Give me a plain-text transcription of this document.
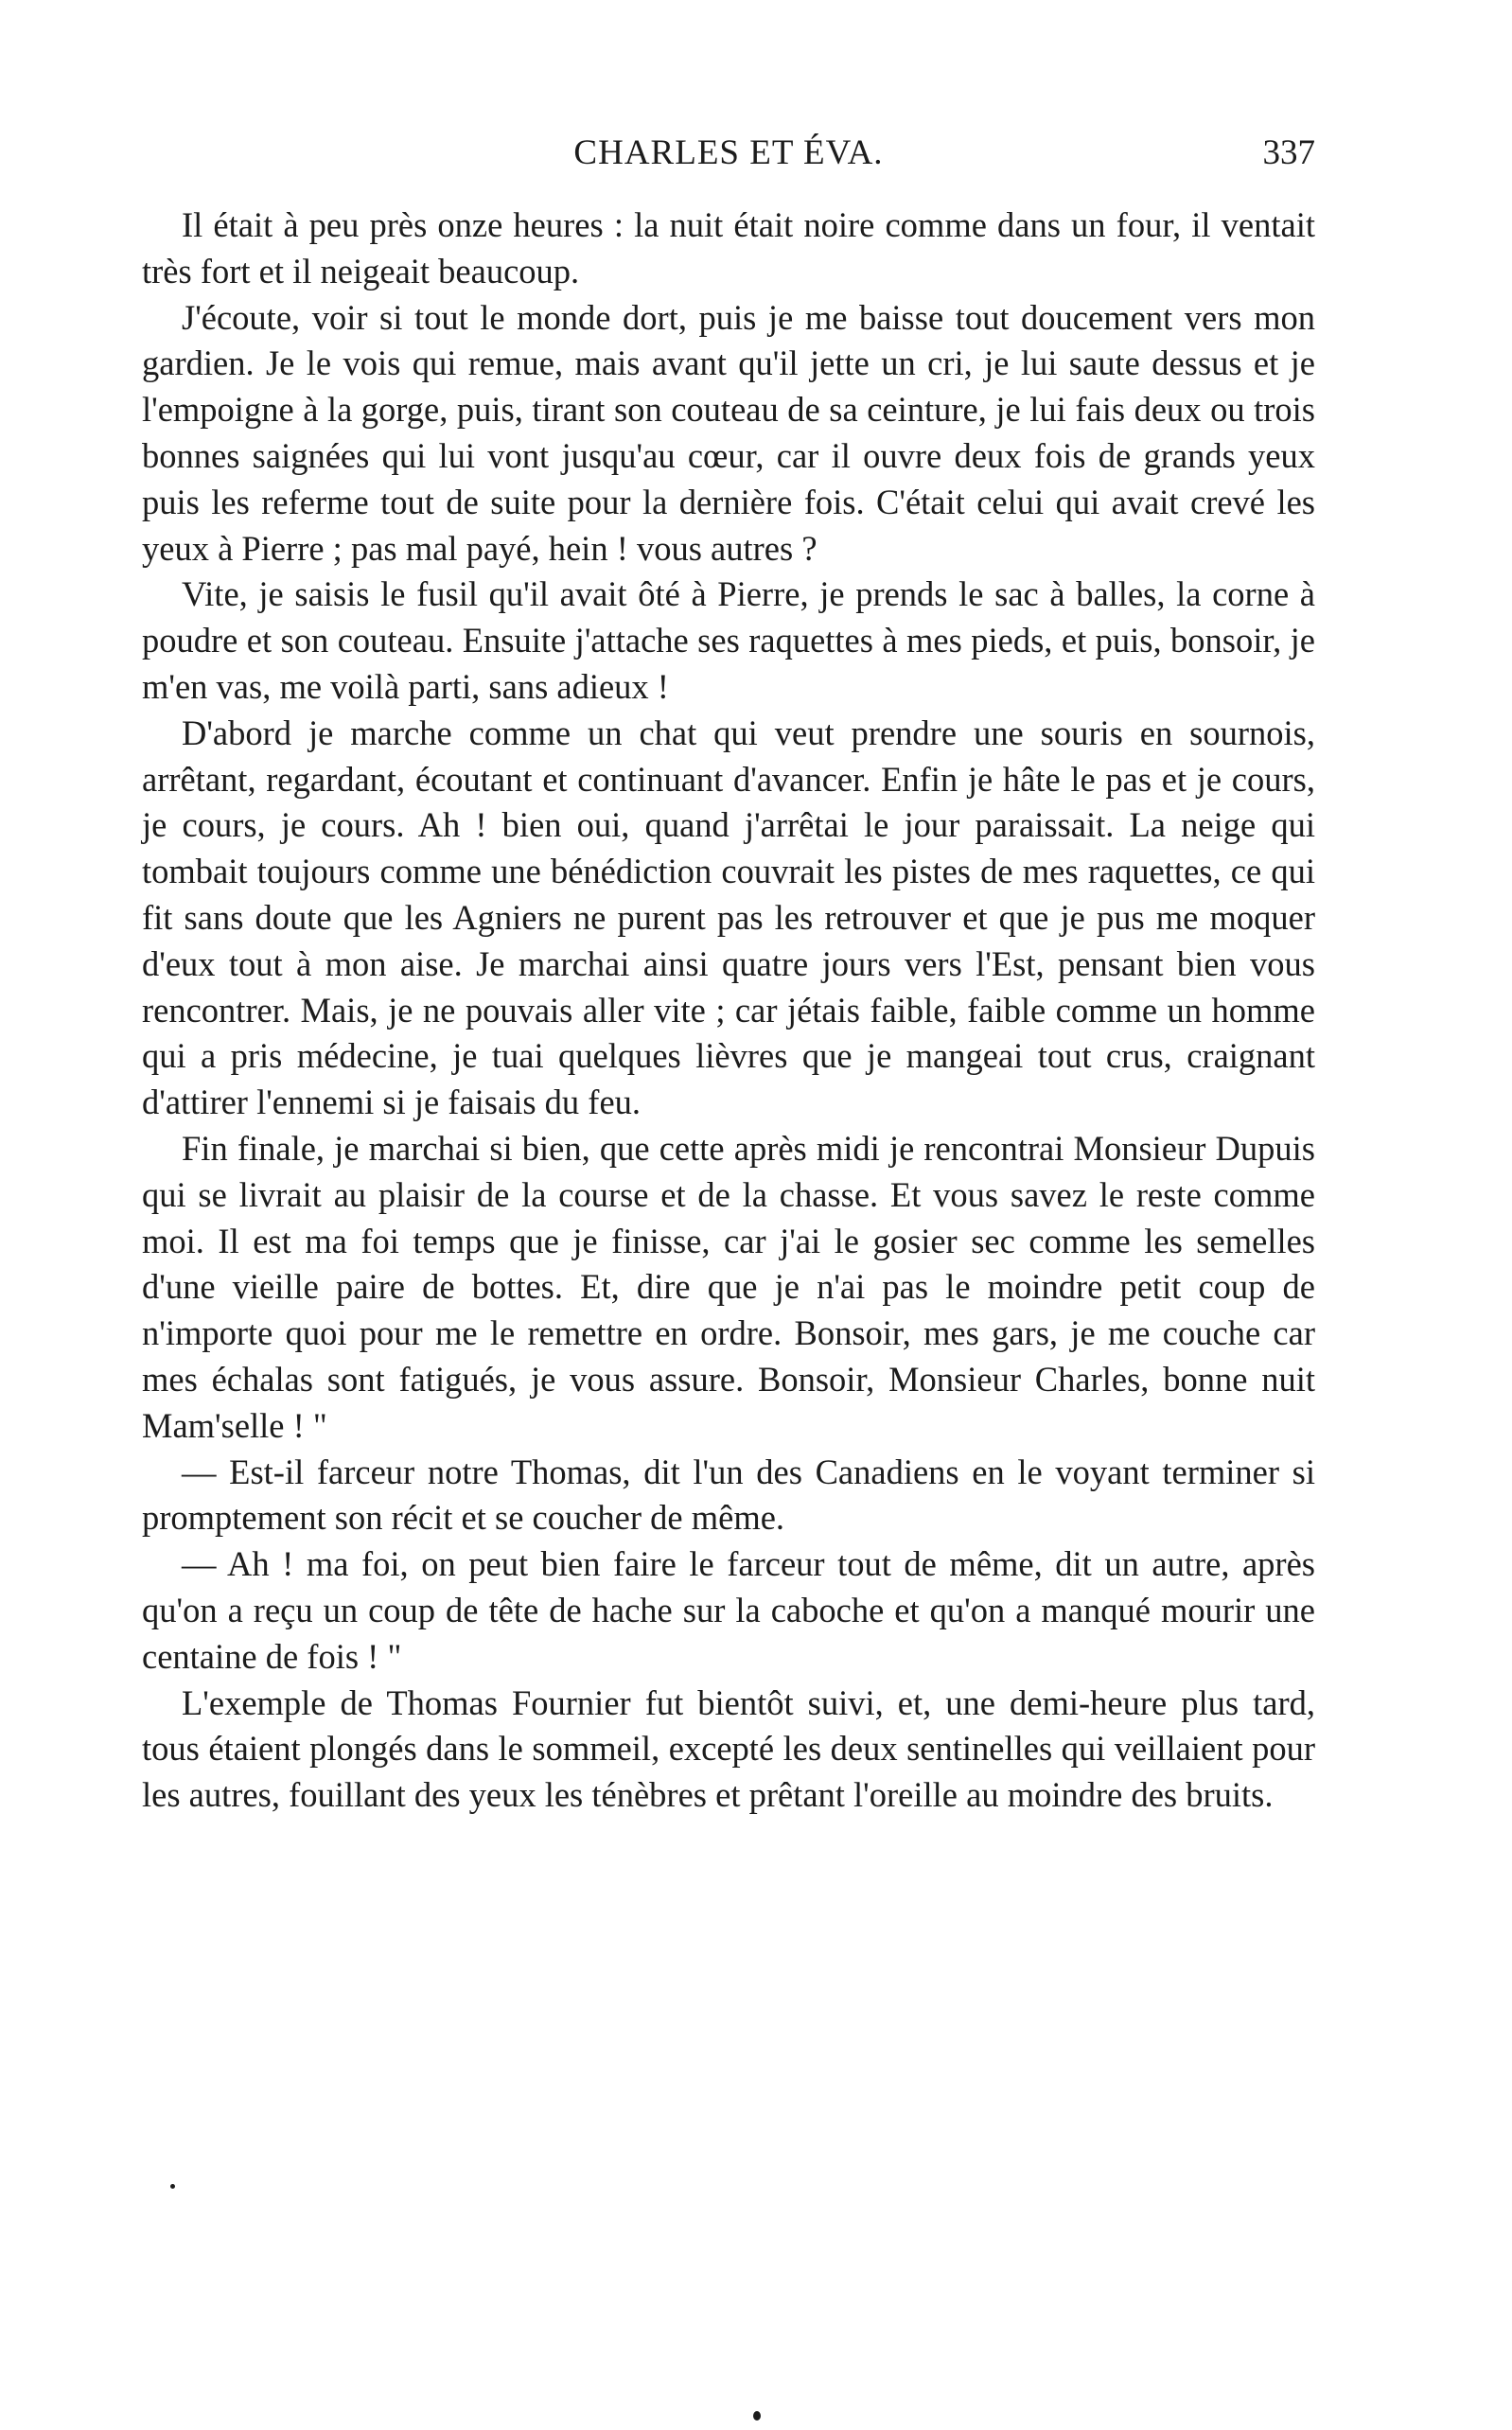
CHARLES ET ÉVA.	337

Il était à peu près onze heures : la nuit était noire comme dans un four, il ventait très fort et il neigeait beaucoup.

J'écoute, voir si tout le monde dort, puis je me baisse tout doucement vers mon gardien. Je le vois qui remue, mais avant qu'il jette un cri, je lui saute dessus et je l'empoigne à la gorge, puis, tirant son couteau de sa ceinture, je lui fais deux ou trois bonnes saignées qui lui vont jusqu'au cœur, car il ouvre deux fois de grands yeux puis les referme tout de suite pour la dernière fois. C'était celui qui avait crevé les yeux à Pierre ; pas mal payé, hein ! vous autres ?

Vite, je saisis le fusil qu'il avait ôté à Pierre, je prends le sac à balles, la corne à poudre et son couteau. Ensuite j'attache ses raquettes à mes pieds, et puis, bonsoir, je m'en vas, me voilà parti, sans adieux !

D'abord je marche comme un chat qui veut prendre une souris en sournois, arrêtant, regardant, écoutant et continuant d'avancer. Enfin je hâte le pas et je cours, je cours, je cours. Ah ! bien oui, quand j'arrêtai le jour paraissait. La neige qui tombait toujours comme une bénédiction couvrait les pistes de mes raquettes, ce qui fit sans doute que les Agniers ne purent pas les retrouver et que je pus me moquer d'eux tout à mon aise. Je marchai ainsi quatre jours vers l'Est, pensant bien vous rencontrer. Mais, je ne pouvais aller vite ; car jétais faible, faible comme un homme qui a pris médecine, je tuai quelques lièvres que je mangeai tout crus, craignant d'attirer l'ennemi si je faisais du feu.

Fin finale, je marchai si bien, que cette après midi je rencontrai Monsieur Dupuis qui se livrait au plaisir de la course et de la chasse. Et vous savez le reste comme moi. Il est ma foi temps que je finisse, car j'ai le gosier sec comme les semelles d'une vieille paire de bottes. Et, dire que je n'ai pas le moindre petit coup de n'importe quoi pour me le remettre en ordre. Bonsoir, mes gars, je me couche car mes échalas sont fatigués, je vous assure. Bonsoir, Monsieur Charles, bonne nuit Mam'selle ! "

— Est-il farceur notre Thomas, dit l'un des Canadiens en le voyant terminer si promptement son récit et se coucher de même.

— Ah ! ma foi, on peut bien faire le farceur tout de même, dit un autre, après qu'on a reçu un coup de tête de hache sur la caboche et qu'on a manqué mourir une centaine de fois ! "

L'exemple de Thomas Fournier fut bientôt suivi, et, une demi-heure plus tard, tous étaient plongés dans le sommeil, excepté les deux sentinelles qui veillaient pour les autres, fouillant des yeux les ténèbres et prêtant l'oreille au moindre des bruits.
